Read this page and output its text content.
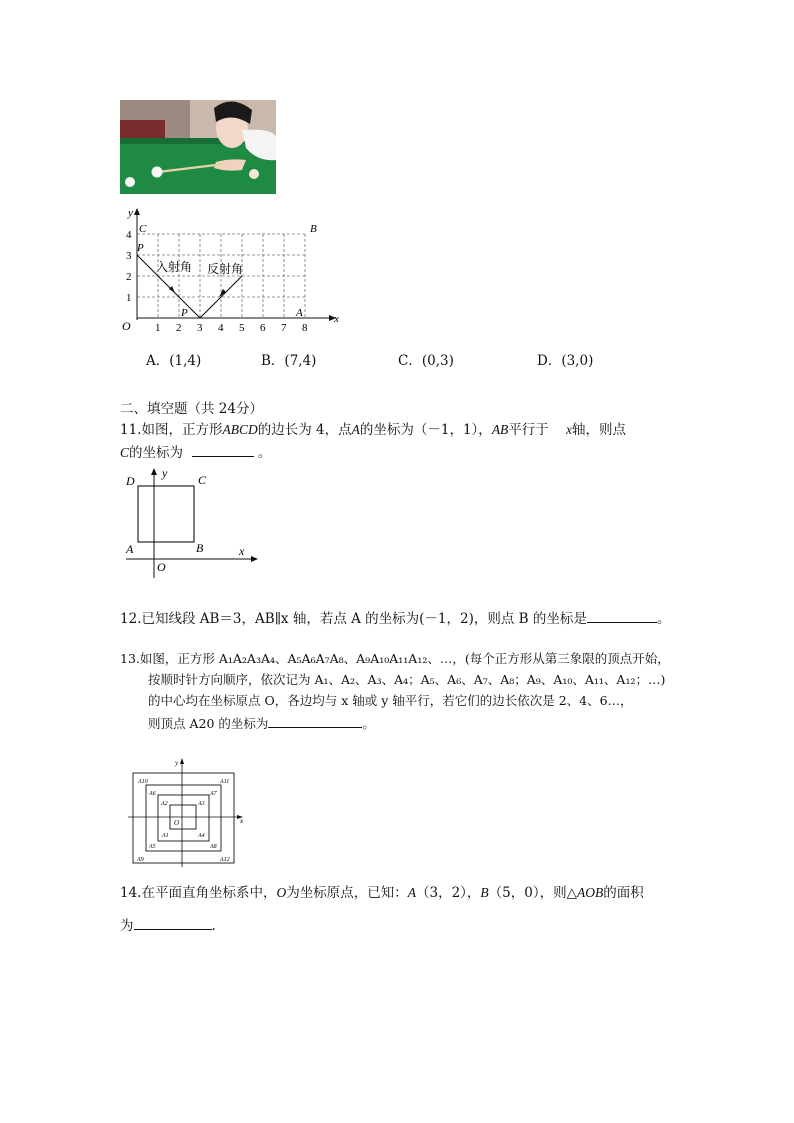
y
x
O 1 2 3 4 5 6 7 8
1
2
3
4 C	B
P
P	A
入射角 反射角
A．(1,4)	B．(7,4)	C．(0,3)	D．(3,0)
二、填空题（共 24分）
11.如图，正方形ABCD的边长为 4，点A的坐标为（－1，1），AB平行于 x轴，则点
C的坐标为	。
D	C
A	B
O
x
y
12.已知线段 AB＝3，AB∥x 轴，若点 A 的坐标为(－1，2)，则点 B 的坐标是	。
13.如图，正方形 A₁A₂A₃A₄、A₅A₆A₇A₈、A₉A₁₀A₁₁A₁₂、…，(每个正方形从第三象限的顶点开始，
按顺时针方向顺序，依次记为 A₁、A₂、A₃、A₄；A₅、A₆、A₇、A₈；A₉、A₁₀、A₁₁、A₁₂；…)
的中心均在坐标原点 O，各边均与 x 轴或 y 轴平行，若它们的边长依次是 2、4、6…，
则顶点 A20 的坐标为	。
y
x
O
A10	A11
A6	A7
A2	A3
A1	A4
A5	A8
A9	A12
14.在平面直角坐标系中，O为坐标原点，已知：A（3，2），B（5，0），则△AOB的面积
为	.
